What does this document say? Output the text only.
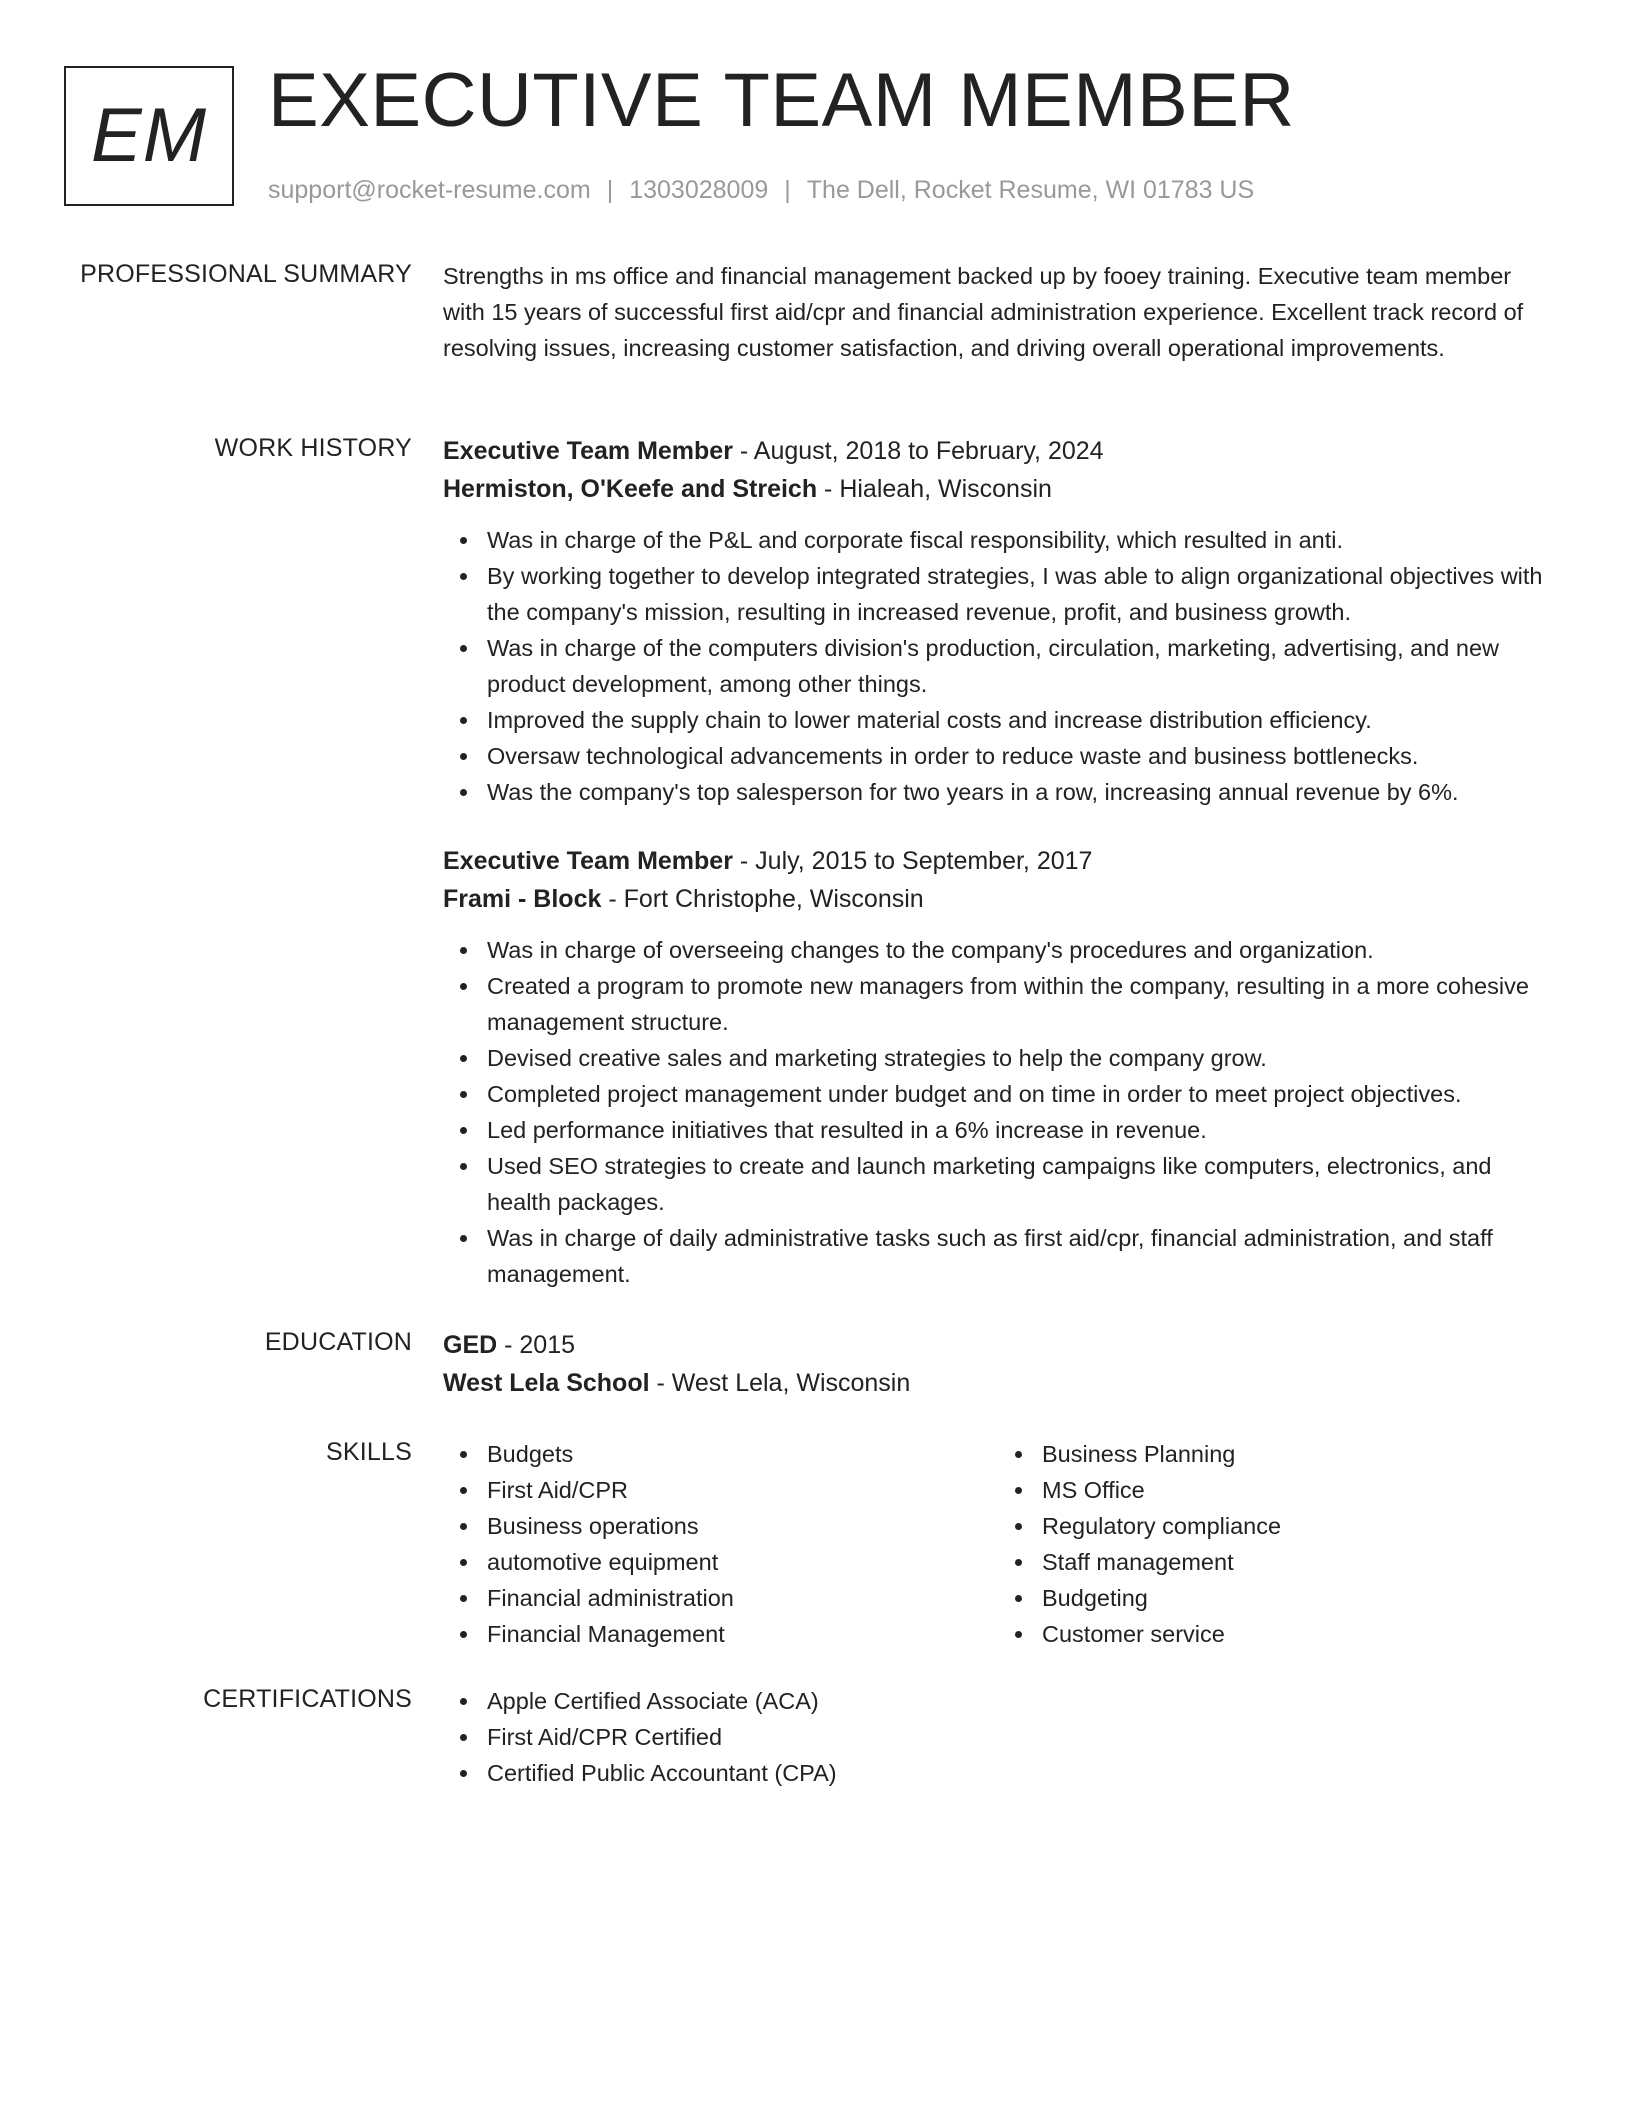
EM EXECUTIVE TEAM MEMBER
support@rocket-resume.com | 1303028009 | The Dell, Rocket Resume, WI 01783 US
PROFESSIONAL SUMMARY Strengths in ms office and financial management backed up by fooey training. Executive team member with 15 years of successful first aid/cpr and financial administration experience. Excellent track record of resolving issues, increasing customer satisfaction, and driving overall operational improvements.

WORK HISTORY Executive Team Member - August, 2018 to February, 2024

Hermiston, O'Keefe and Streich - Hialeah, Wisconsin

Was in charge of the P&L and corporate fiscal responsibility, which resulted in anti.
By working together to develop integrated strategies, I was able to align organizational objectives with the company's mission, resulting in increased revenue, profit, and business growth.
Was in charge of the computers division's production, circulation, marketing, advertising, and new product development, among other things.
Improved the supply chain to lower material costs and increase distribution efficiency.
Oversaw technological advancements in order to reduce waste and business bottlenecks.
Was the company's top salesperson for two years in a row, increasing annual revenue by 6%.

Executive Team Member - July, 2015 to September, 2017

Frami - Block - Fort Christophe, Wisconsin

Was in charge of overseeing changes to the company's procedures and organization.
Created a program to promote new managers from within the company, resulting in a more cohesive management structure.
Devised creative sales and marketing strategies to help the company grow.
Completed project management under budget and on time in order to meet project objectives.
Led performance initiatives that resulted in a 6% increase in revenue.
Used SEO strategies to create and launch marketing campaigns like computers, electronics, and health packages.
Was in charge of daily administrative tasks such as first aid/cpr, financial administration, and staff management.
EDUCATION GED - 2015

West Lela School - West Lela, Wisconsin

SKILLS	Budgets
First Aid/CPR
Business operations
automotive equipment
Financial administration
Financial Management
Business Planning
MS Office
Regulatory compliance
Staff management
Budgeting
Customer service
CERTIFICATIONS	Apple Certified Associate (ACA)
First Aid/CPR Certified
Certified Public Accountant (CPA)
